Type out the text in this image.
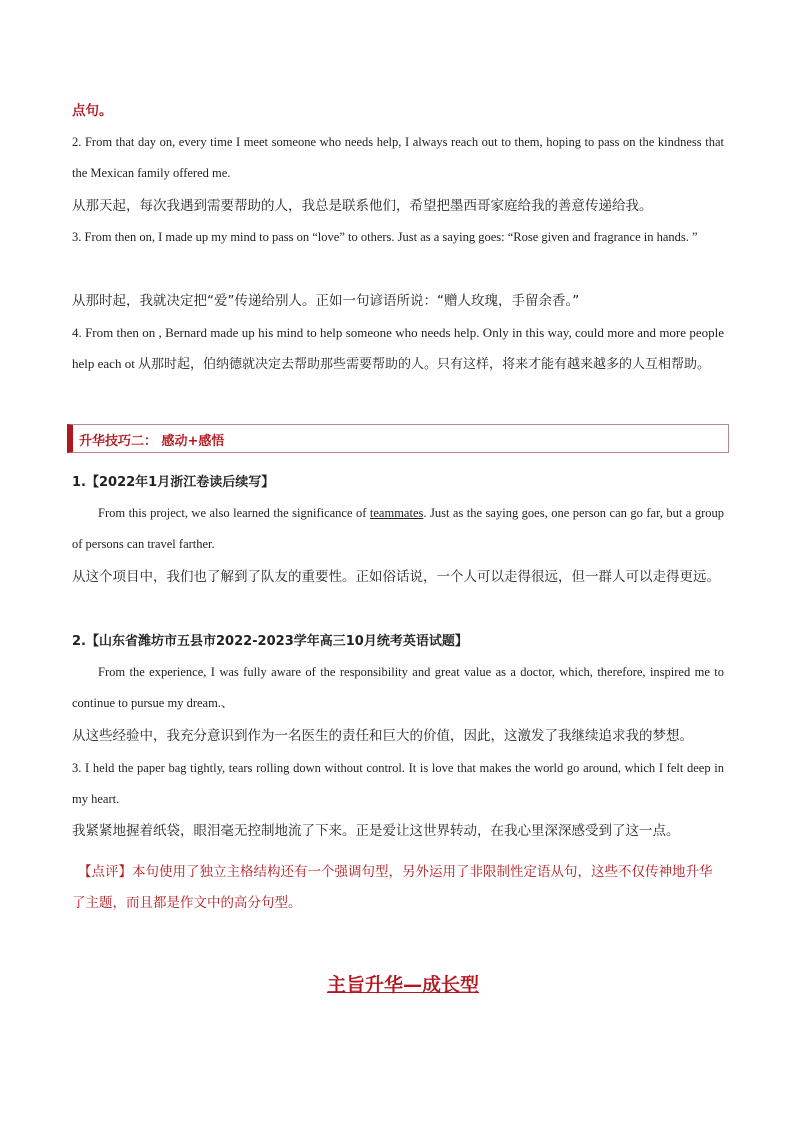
点句。
2. From that day on, every time I meet someone who needs help, I always reach out to them, hoping to pass on the kindness that the Mexican family offered me.
从那天起，每次我遇到需要帮助的人，我总是联系他们，希望把墨西哥家庭给我的善意传递给我。
3. From then on, I made up my mind to pass on “love” to others. Just as a saying goes: “Rose given and fragrance in hands. ”
从那时起，我就决定把“爱”传递给别人。正如一句谚语所说：“赠人玫瑰，手留余香。”
4. From then on , Bernard made up his mind to help someone who needs help. Only in this way, could more and more people help each ot 从那时起，伯纳德就决定去帮助那些需要帮助的人。只有这样，将来才能有越来越多的人互相帮助。
升华技巧二： 感动+感悟
1.【2022年1月浙江卷读后续写】
From this project, we also learned the significance of teammates. Just as the saying goes, one person can go far, but a group of persons can travel farther.
从这个项目中，我们也了解到了队友的重要性。正如俗话说，一个人可以走得很远，但一群人可以走得更远。
2.【山东省潍坊市五县市2022-2023学年高三10月统考英语试题】
From the experience, I was fully aware of the responsibility and great value as a doctor, which, therefore, inspired me to continue to pursue my dream.、
从这些经验中，我充分意识到作为一名医生的责任和巨大的价值，因此，这激发了我继续追求我的梦想。
3. I held the paper bag tightly, tears rolling down without control. It is love that makes the world go around, which I felt deep in my heart.
我紧紧地握着纸袋，眼泪毫无控制地流了下来。正是爱让这世界转动，在我心里深深感受到了这一点。
【点评】本句使用了独立主格结构还有一个强调句型，另外运用了非限制性定语从句，这些不仅传神地升华了主题，而且都是作文中的高分句型。
主旨升华—成长型
